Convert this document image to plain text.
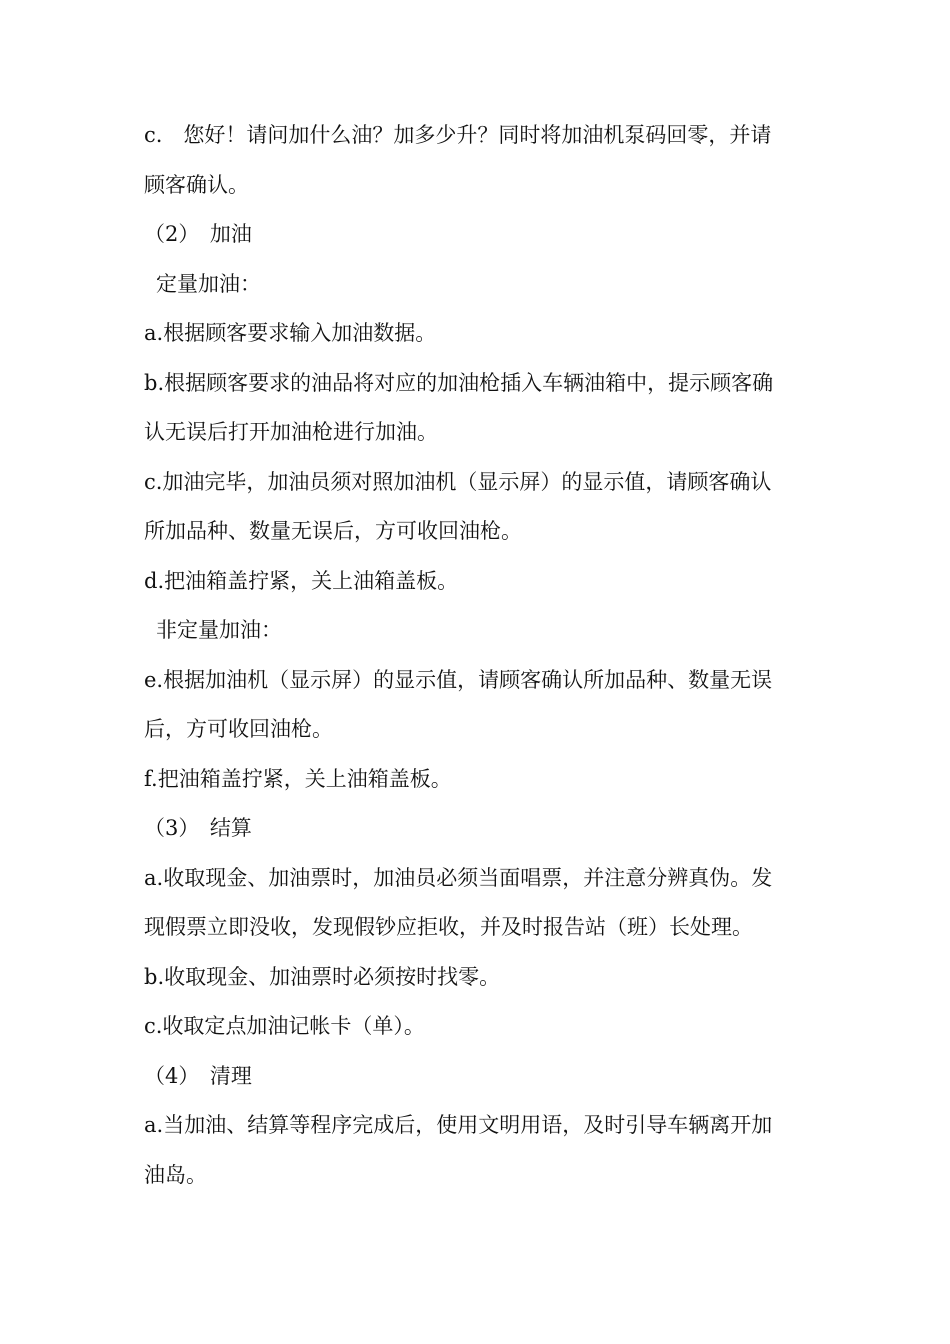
c.　您好！请问加什么油？加多少升？同时将加油机泵码回零，并请
顾客确认。
（2）　加油
定量加油：
a.根据顾客要求输入加油数据。
b.根据顾客要求的油品将对应的加油枪插入车辆油箱中，提示顾客确
认无误后打开加油枪进行加油。
c.加油完毕，加油员须对照加油机（显示屏）的显示值，请顾客确认
所加品种、数量无误后，方可收回油枪。
d.把油箱盖拧紧，关上油箱盖板。
非定量加油：
e.根据加油机（显示屏）的显示值，请顾客确认所加品种、数量无误
后，方可收回油枪。
f.把油箱盖拧紧，关上油箱盖板。
（3）　结算
a.收取现金、加油票时，加油员必须当面唱票，并注意分辨真伪。发
现假票立即没收，发现假钞应拒收，并及时报告站（班）长处理。
b.收取现金、加油票时必须按时找零。
c.收取定点加油记帐卡（单）。
（4）　清理
a.当加油、结算等程序完成后，使用文明用语，及时引导车辆离开加
油岛。
